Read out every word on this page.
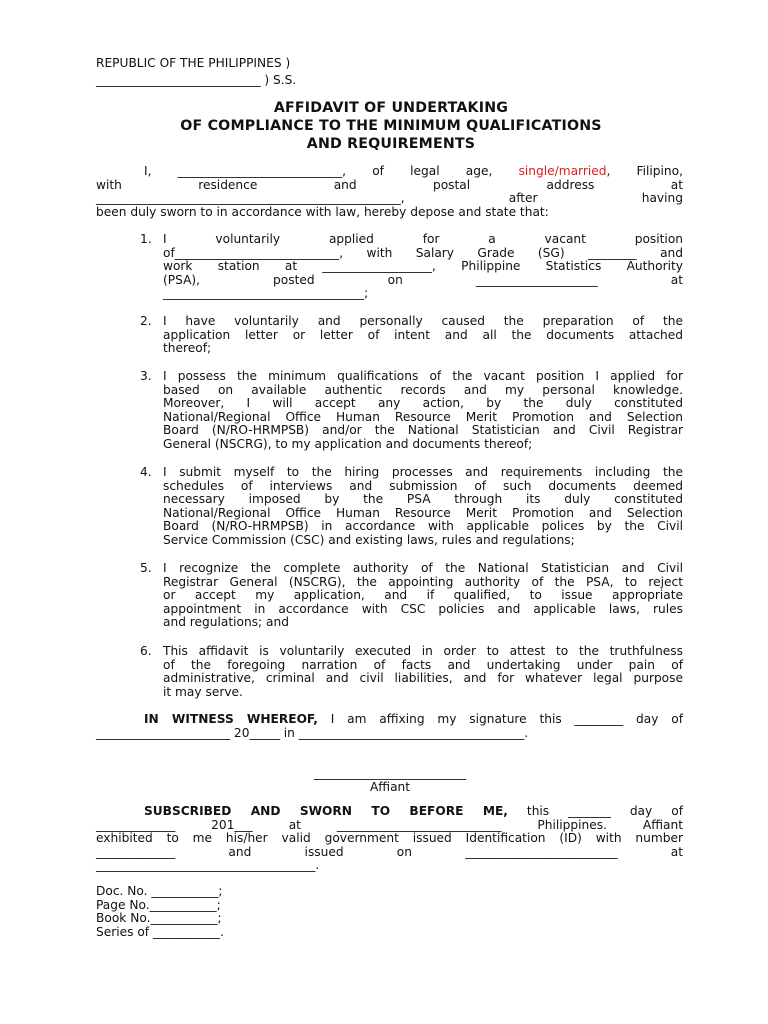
REPUBLIC OF THE PHILIPPINES )
___________________________ ) S.S.
AFFIDAVIT OF UNDERTAKING
OF COMPLIANCE TO THE MINIMUM QUALIFICATIONS
AND REQUIREMENTS
I, ___________________________, of legal age, single/married, Filipino,
with residence and postal address at
__________________________________________________, after having
been duly sworn to in accordance with law, hereby depose and state that:
1. I voluntarily applied for a vacant position
of___________________________, with Salary Grade (SG) ________ and
work station at __________________, Philippine Statistics Authority
(PSA), posted on ____________________ at
_________________________________;
2. I have voluntarily and personally caused the preparation of the
application letter or letter of intent and all the documents attached
thereof;
3. I possess the minimum qualifications of the vacant position I applied for
based on available authentic records and my personal knowledge.
Moreover, I will accept any action, by the duly constituted
National/Regional Office Human Resource Merit Promotion and Selection
Board (N/RO-HRMPSB) and/or the National Statistician and Civil Registrar
General (NSCRG), to my application and documents thereof;
4. I submit myself to the hiring processes and requirements including the
schedules of interviews and submission of such documents deemed
necessary imposed by the PSA through its duly constituted
National/Regional Office Human Resource Merit Promotion and Selection
Board (N/RO-HRMPSB) in accordance with applicable polices by the Civil
Service Commission (CSC) and existing laws, rules and regulations;
5. I recognize the complete authority of the National Statistician and Civil
Registrar General (NSCRG), the appointing authority of the PSA, to reject
or accept my application, and if qualified, to issue appropriate
appointment in accordance with CSC policies and applicable laws, rules
and regulations; and
6. This affidavit is voluntarily executed in order to attest to the truthfulness
of the foregoing narration of facts and undertaking under pain of
administrative, criminal and civil liabilities, and for whatever legal purpose
it may serve.
IN WITNESS WHEREOF, I am affixing my signature this ________ day of
______________________ 20_____ in _____________________________________.
_________________________
Affiant
SUBSCRIBED AND SWORN TO BEFORE ME, this _______ day of
_____________ 201___ at ___________________________ Philippines. Affiant
exhibited to me his/her valid government issued Identification (ID) with number
_____________ and issued on _________________________ at
____________________________________.
Doc. No. ___________;
Page No.___________;
Book No.___________;
Series of ___________.
